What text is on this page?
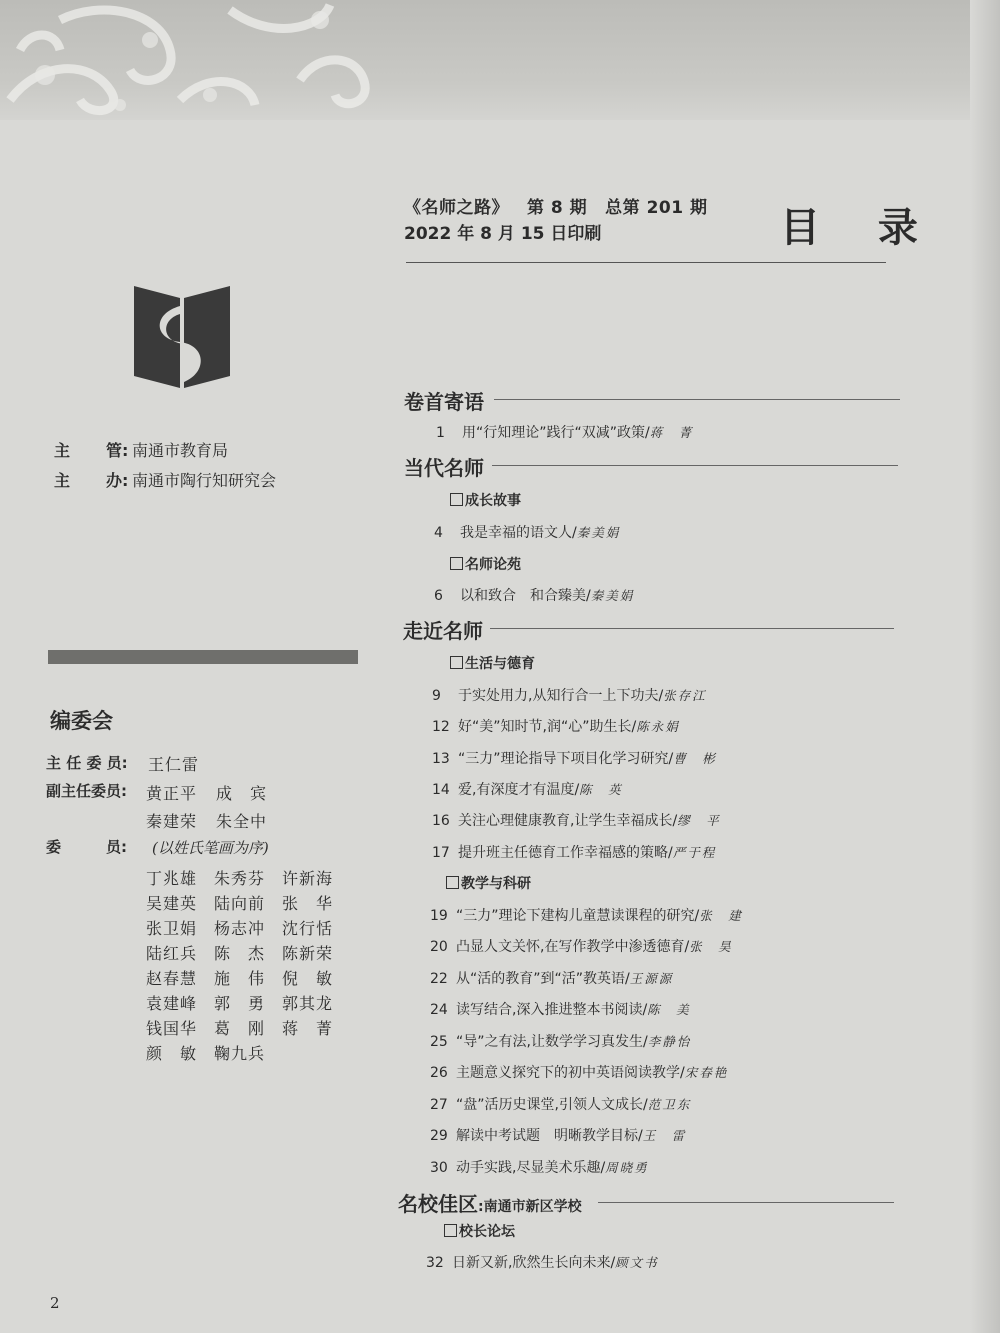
《名师之路》 第 8 期 总第 201 期
2022 年 8 月 15 日印刷	目 录
主 管: 南通市教育局
主 办: 南通市陶行知研究会
编委会
主 任 委 员: 王仁雷
副主任委员: 黄正平 成　宾
秦建荣 朱全中
委　　　员: (以姓氏笔画为序)
丁兆雄 朱秀芬 许新海
吴建英 陆向前 张　华
张卫娟 杨志冲 沈行恬
陆红兵 陈　杰 陈新荣
赵春慧 施　伟 倪　敏
袁建峰 郭　勇 郭其龙
钱国华 葛　刚 蒋　菁
颜　敏 鞠九兵
卷首寄语
1 用“行知理论”践行“双减”政策/蒋　菁
当代名师
成长故事
4 我是幸福的语文人/秦美娟
名师论苑
6 以和致合　和合臻美/秦美娟
走近名师
生活与德育
9 于实处用力,从知行合一上下功夫/张存江
12 好“美”知时节,润“心”助生长/陈永娟
13 “三力”理论指导下项目化学习研究/曹　彬
14 爱,有深度才有温度/陈　英
16 关注心理健康教育,让学生幸福成长/缪　平
17 提升班主任德育工作幸福感的策略/严于程
教学与科研
19 “三力”理论下建构儿童慧读课程的研究/张　建
20 凸显人文关怀,在写作教学中渗透德育/张　昊
22 从“活的教育”到“活”教英语/王源源
24 读写结合,深入推进整本书阅读/陈　美
25 “导”之有法,让数学学习真发生/李静怡
26 主题意义探究下的初中英语阅读教学/宋春艳
27 “盘”活历史课堂,引领人文成长/范卫东
29 解读中考试题　明晰教学目标/王　雷
30 动手实践,尽显美术乐趣/周晓勇
名校佳区:南通市新区学校
校长论坛
32 日新又新,欣然生长向未来/顾文书
2
